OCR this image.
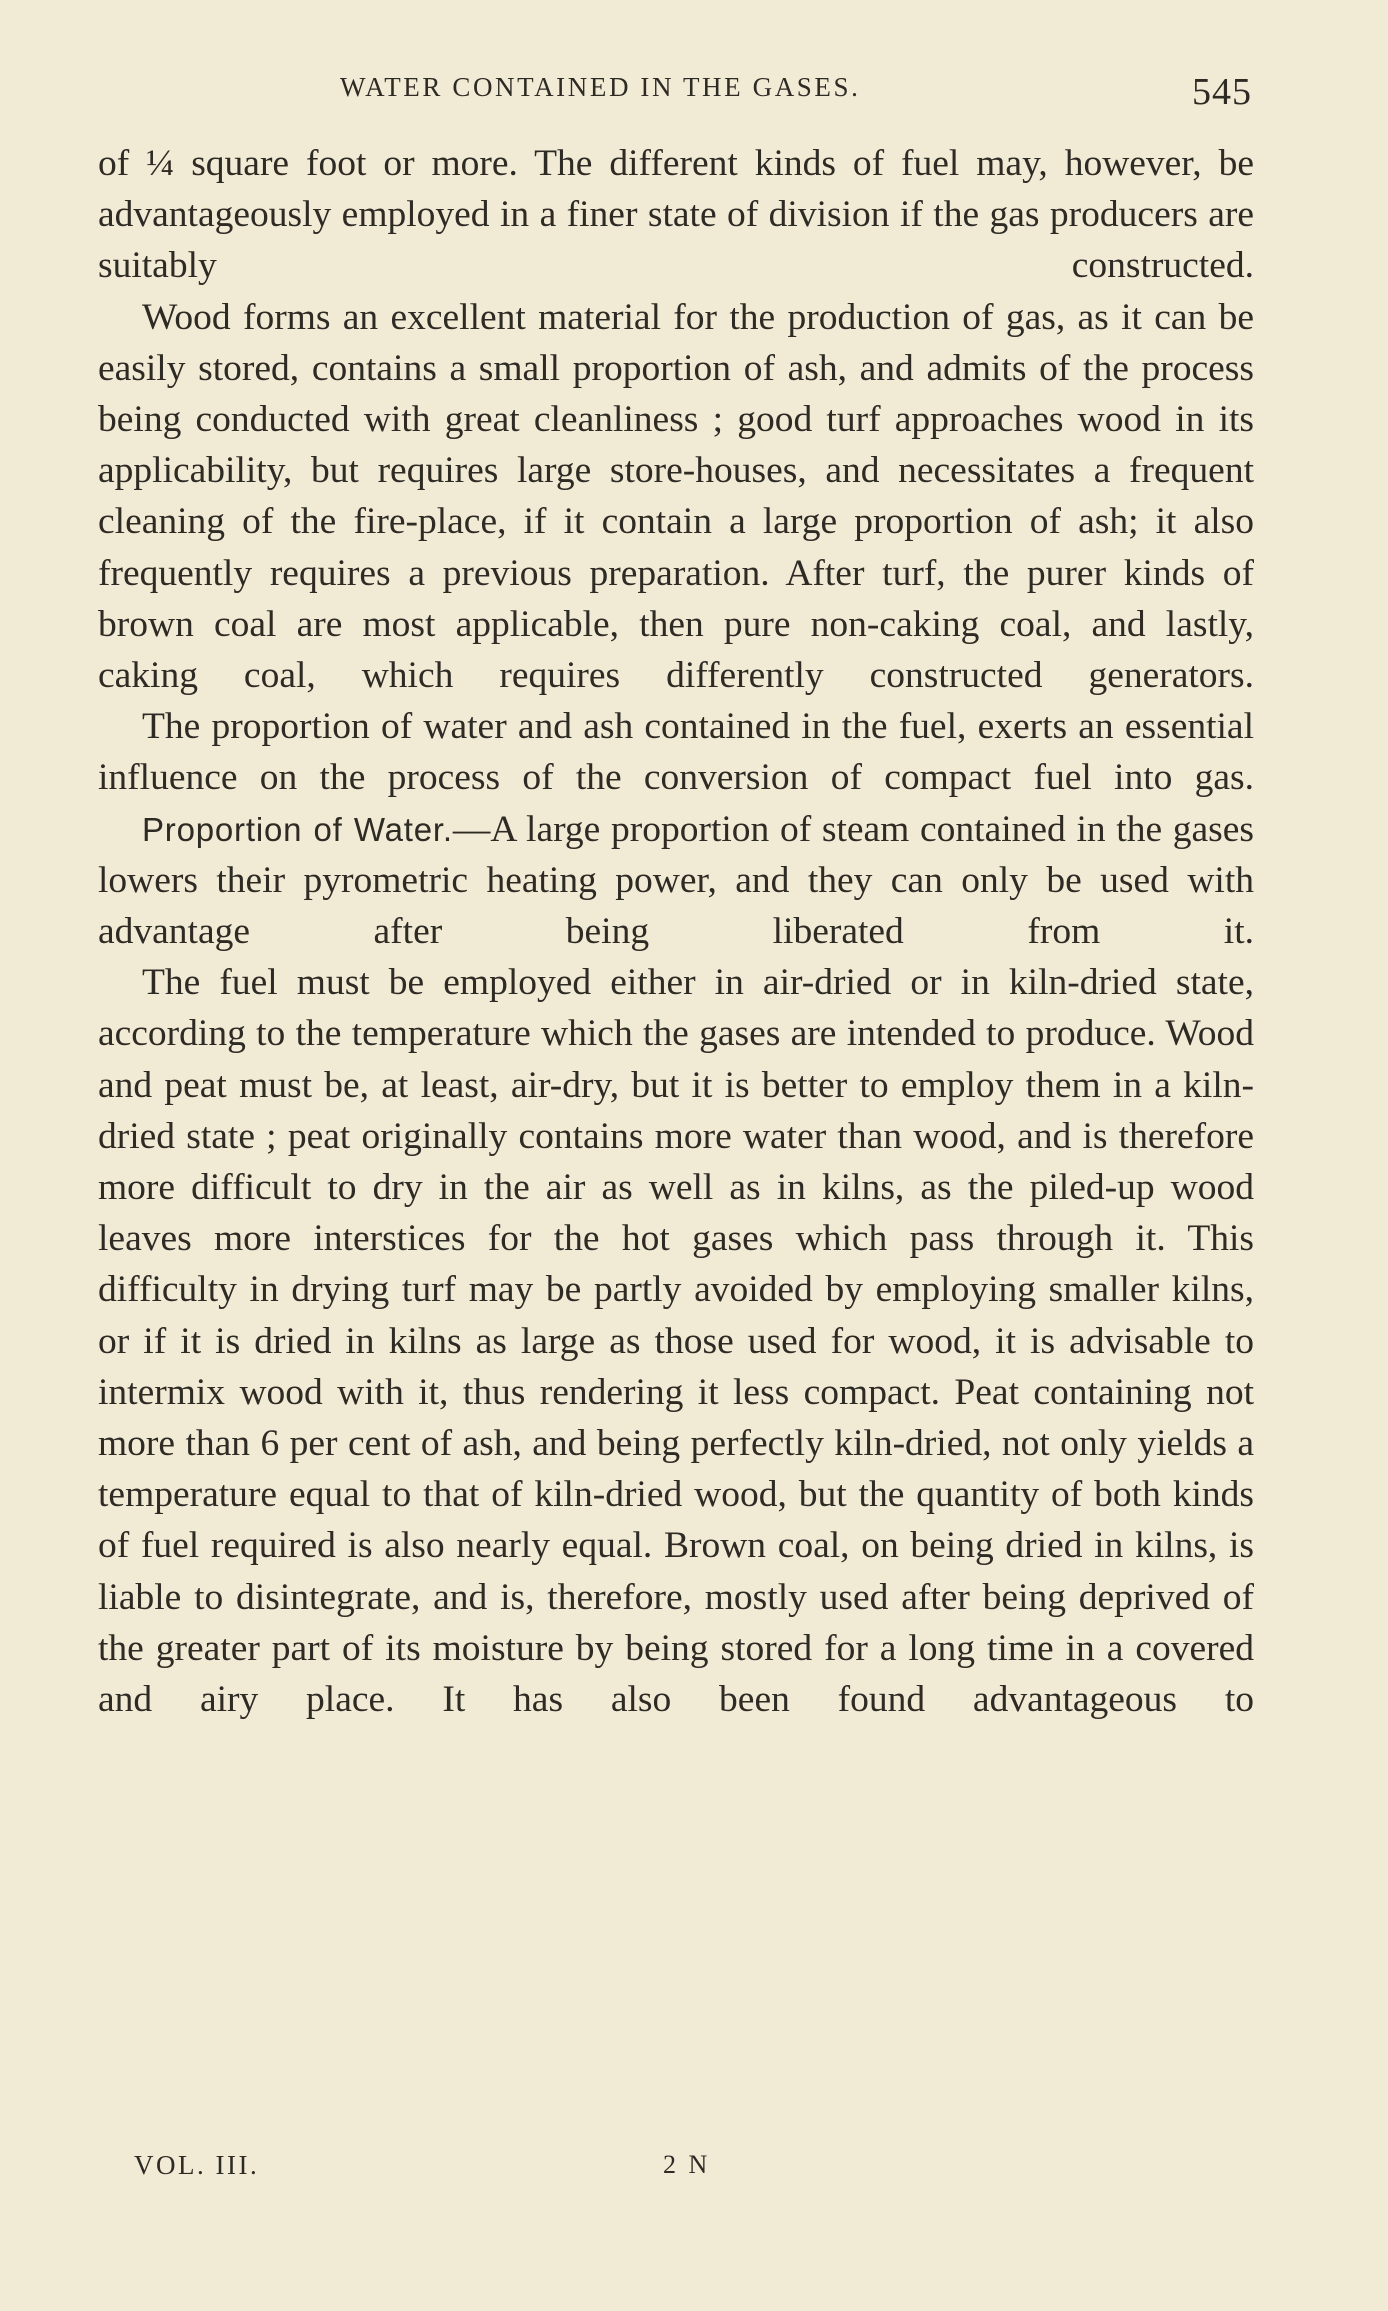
WATER CONTAINED IN THE GASES.	545

of ¼ square foot or more. The different kinds of fuel may, however, be advantageously employed in a finer state of division if the gas producers are suitably constructed.

Wood forms an excellent material for the production of gas, as it can be easily stored, contains a small proportion of ash, and admits of the process being conducted with great cleanliness ; good turf approaches wood in its applicability, but requires large store-houses, and necessitates a frequent cleaning of the fire-place, if it contain a large proportion of ash; it also frequently requires a previous preparation. After turf, the purer kinds of brown coal are most applicable, then pure non-caking coal, and lastly, caking coal, which requires differently constructed generators.

The proportion of water and ash contained in the fuel, exerts an essential influence on the process of the conversion of compact fuel into gas.

Proportion of Water.—A large proportion of steam contained in the gases lowers their pyrometric heating power, and they can only be used with advantage after being liberated from it.

The fuel must be employed either in air-dried or in kiln-dried state, according to the temperature which the gases are intended to produce. Wood and peat must be, at least, air-dry, but it is better to employ them in a kiln-dried state ; peat originally contains more water than wood, and is therefore more difficult to dry in the air as well as in kilns, as the piled-up wood leaves more interstices for the hot gases which pass through it. This difficulty in drying turf may be partly avoided by employing smaller kilns, or if it is dried in kilns as large as those used for wood, it is advisable to intermix wood with it, thus rendering it less compact. Peat containing not more than 6 per cent of ash, and being perfectly kiln-dried, not only yields a temperature equal to that of kiln-dried wood, but the quantity of both kinds of fuel required is also nearly equal. Brown coal, on being dried in kilns, is liable to disintegrate, and is, therefore, mostly used after being deprived of the greater part of its moisture by being stored for a long time in a covered and airy place. It has also been found advantageous to

VOL. III.	2 N
